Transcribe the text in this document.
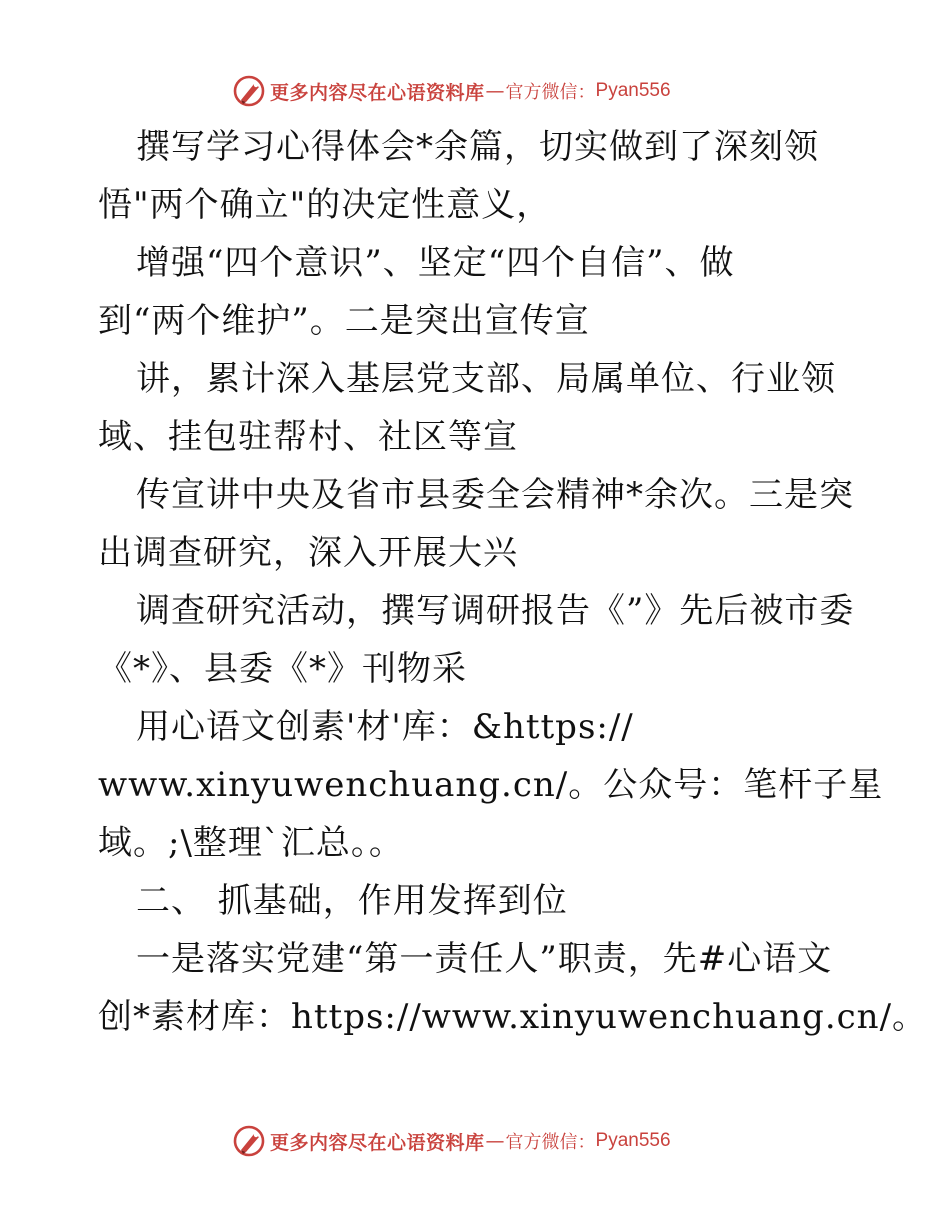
更多内容尽在心语资料库 — 官方微信： Pyan556
撰写学习心得体会*余篇，切实做到了深刻领
悟"两个确立"的决定性意义，
增强“四个意识”、坚定“四个自信”、做
到“两个维护”。二是突出宣传宣
讲，累计深入基层党支部、局属单位、行业领
域、挂包驻帮村、社区等宣
传宣讲中央及省市县委全会精神*余次。三是突
出调查研究，深入开展大兴
调查研究活动，撰写调研报告《”》先后被市委
《*》、县委《*》刊物采
用心语文创素'材'库：&https://
www.xinyuwenchuang.cn/。公众号：笔杆子星
域。;\整理`汇总。。
二、 抓基础，作用发挥到位
一是落实党建“第一责任人”职责，先#心语文
创*素材库：https://www.xinyuwenchuang.cn/。
更多内容尽在心语资料库 — 官方微信： Pyan556
